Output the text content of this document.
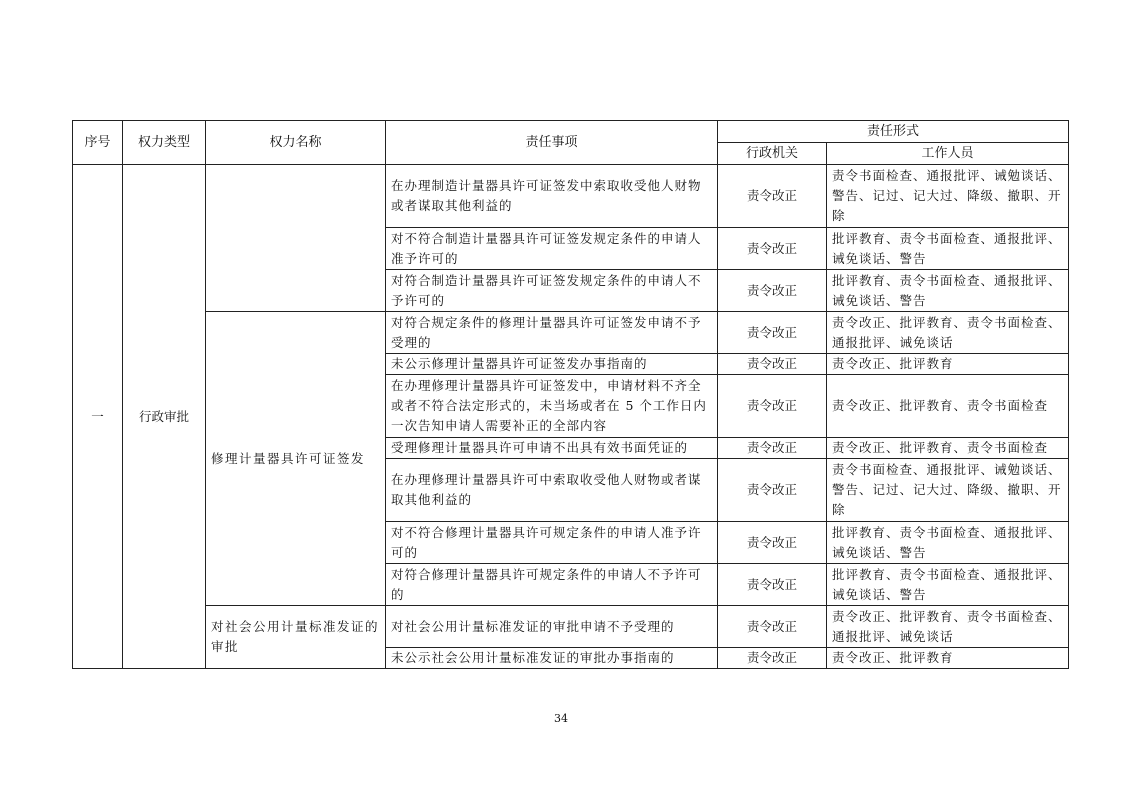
序号	权力类型	权力名称	责任事项	责任形式	
				行政机关	工作人员
一	行政审批		在办理制造计量器具许可证签发中索取收受他人财物或者谋取其他利益的	责令改正	责令书面检查、通报批评、诫勉谈话、警告、记过、记大过、降级、撤职、开除
			对不符合制造计量器具许可证签发规定条件的申请人准予许可的	责令改正	批评教育、责令书面检查、通报批评、诫免谈话、警告
			对符合制造计量器具许可证签发规定条件的申请人不予许可的	责令改正	批评教育、责令书面检查、通报批评、诫免谈话、警告
		修理计量器具许可证签发	对符合规定条件的修理计量器具许可证签发申请不予受理的	责令改正	责令改正、批评教育、责令书面检查、通报批评、诫免谈话
			未公示修理计量器具许可证签发办事指南的	责令改正	责令改正、批评教育
			在办理修理计量器具许可证签发中，申请材料不齐全或者不符合法定形式的，未当场或者在 5 个工作日内一次告知申请人需要补正的全部内容	责令改正	责令改正、批评教育、责令书面检查
			受理修理计量器具许可申请不出具有效书面凭证的	责令改正	责令改正、批评教育、责令书面检查
			在办理修理计量器具许可中索取收受他人财物或者谋取其他利益的	责令改正	责令书面检查、通报批评、诫勉谈话、警告、记过、记大过、降级、撤职、开除
			对不符合修理计量器具许可规定条件的申请人准予许可的	责令改正	批评教育、责令书面检查、通报批评、诫免谈话、警告
			对符合修理计量器具许可规定条件的申请人不予许可的	责令改正	批评教育、责令书面检查、通报批评、诫免谈话、警告
		对社会公用计量标准发证的审批	对社会公用计量标准发证的审批申请不予受理的	责令改正	责令改正、批评教育、责令书面检查、通报批评、诫免谈话
			未公示社会公用计量标准发证的审批办事指南的	责令改正	责令改正、批评教育
34
